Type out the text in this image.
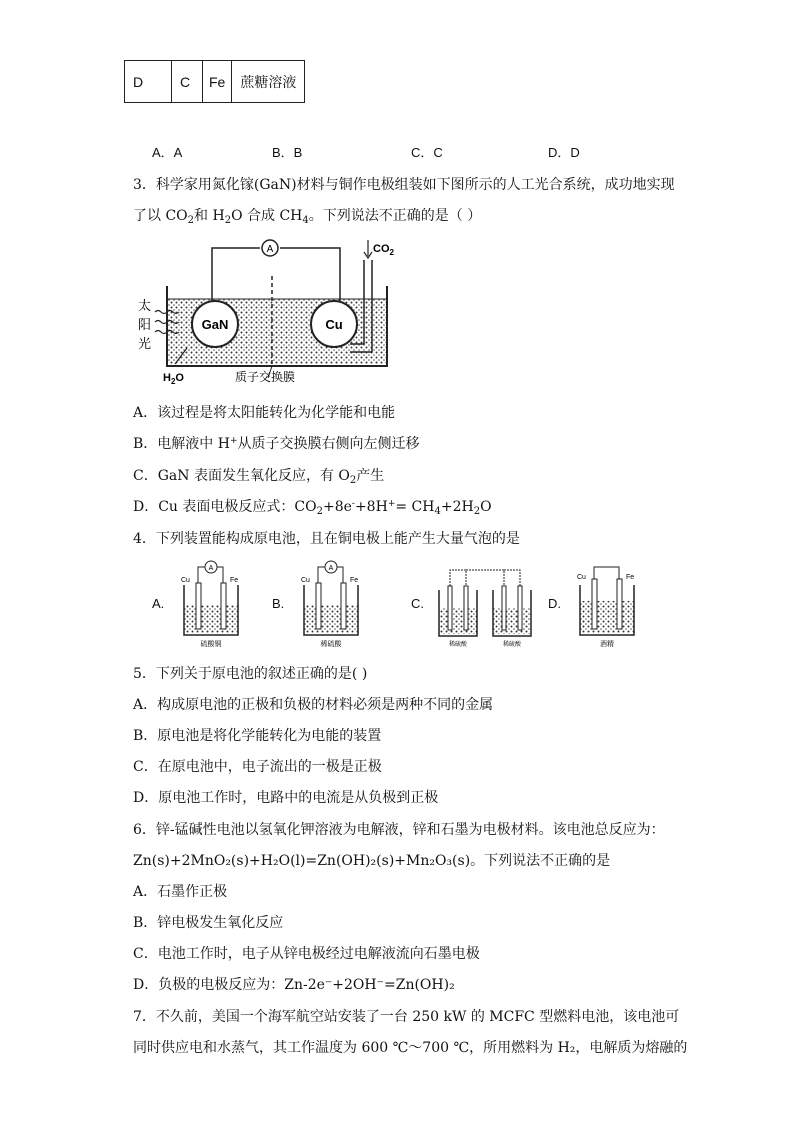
D	C	Fe	蔗糖溶液
A．A	B．B	C．C	D．D
3．科学家用氮化镓(GaN)材料与铜作电极组装如下图所示的人工光合系统，成功地实现
了以 $CO_2$和 $H_2O$ 合成 $CH_4$。下列说法不正确的是（ ）
A
GaN	Cu
$CO_2$
太
阳
光
$H_2O$	质子交换膜
A．该过程是将太阳能转化为化学能和电能
B．电解液中 H+从质子交换膜右侧向左侧迁移
C．GaN 表面发生氧化反应，有 $O_2$产生
D．Cu 表面电极反应式：$CO_2+8e^-+8H^+= CH_4+2H_2O$
4．下列装置能构成原电池，且在铜电极上能产生大量气泡的是
A.	B.	C.	D.
A
Cu	Fe
硫酸铜
A
Cu	Fe
稀硫酸	稀硫酸	稀硫酸
Cu	Fe
酒精
5．下列关于原电池的叙述正确的是( )
A．构成原电池的正极和负极的材料必须是两种不同的金属
B．原电池是将化学能转化为电能的装置
C．在原电池中，电子流出的一极是正极
D．原电池工作时，电路中的电流是从负极到正极
6．锌-锰碱性电池以氢氧化钾溶液为电解液，锌和石墨为电极材料。该电池总反应为：
Zn(s)+2MnO₂(s)+H₂O(l)=Zn(OH)₂(s)+Mn₂O₃(s)。下列说法不正确的是
A．石墨作正极
B．锌电极发生氧化反应
C．电池工作时，电子从锌电极经过电解液流向石墨电极
D．负极的电极反应为：Zn-2e⁻+2OH⁻=Zn(OH)₂
7．不久前，美国一个海军航空站安装了一台 250 kW 的 MCFC 型燃料电池，该电池可
同时供应电和水蒸气，其工作温度为 600 ℃～700 ℃，所用燃料为 H₂，电解质为熔融的
